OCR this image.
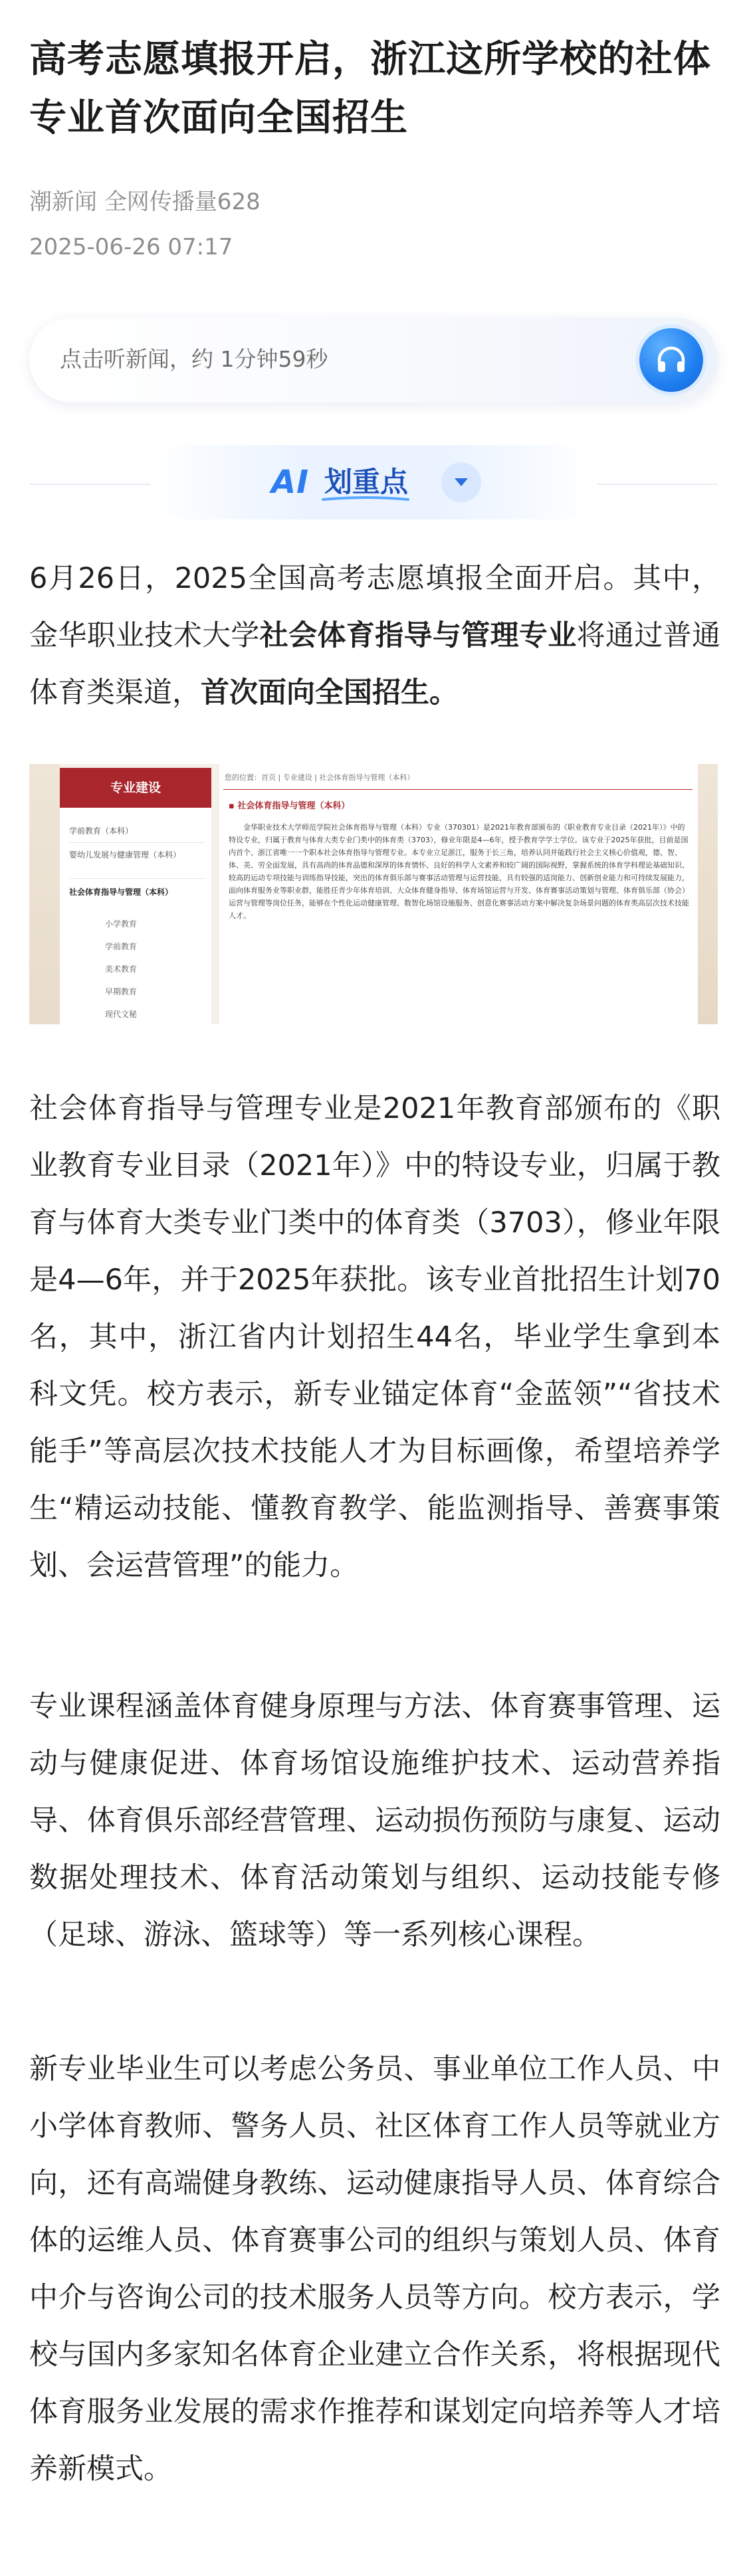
高考志愿填报开启，浙江这所学校的社体专业首次面向全国招生
潮新闻 全网传播量628
2025-06-26 07:17
点击听新闻，约 1分钟59秒
AI 划重点

6月26日，2025全国高考志愿填报全面开启。其中，金华职业技术大学社会体育指导与管理专业将通过普通体育类渠道，首次面向全国招生。

专业建设
学前教育（本科）
婴幼儿发展与健康管理（本科）
社会体育指导与管理（本科）
小学教育
学前教育
美术教育
早期教育
现代文秘
您的位置：首页 | 专业建设 | 社会体育指导与管理（本科）
▪ 社会体育指导与管理（本科）
金华职业技术大学师范学院社会体育指导与管理（本科）专业（370301）是2021年教育部颁布的《职业教育专业目录（2021年）》中的特设专业，归属于教育与体育大类专业门类中的体育类（3703），修业年限是4—6年，授予教育学学士学位。该专业于2025年获批，目前是国内首个、浙江省唯一一个职本社会体育指导与管理专业。本专业立足浙江，服务于长三角，培养认同并能践行社会主义核心价值观，德、智、体、美、劳全面发展，具有高尚的体育品德和深厚的体育情怀、良好的科学人文素养和较广阔的国际视野，掌握系统的体育学科理论基础知识、较高的运动专项技能与训练指导技能，突出的体育俱乐部与赛事活动管理与运营技能，具有较强的适岗能力、创新创业能力和可持续发展能力，面向体育服务业等职业群，能胜任青少年体育培训、大众体育健身指导、体育场馆运营与开发、体育赛事活动策划与管理、体育俱乐部（协会）运营与管理等岗位任务，能够在个性化运动健康管理、数智化场馆设施服务、创意化赛事活动方案中解决复杂场景问题的体育类高层次技术技能人才。

社会体育指导与管理专业是2021年教育部颁布的《职业教育专业目录（2021年）》中的特设专业，归属于教育与体育大类专业门类中的体育类（3703），修业年限是4—6年，并于2025年获批。该专业首批招生计划70名，其中，浙江省内计划招生44名，毕业学生拿到本科文凭。校方表示，新专业锚定体育“金蓝领”“省技术能手”等高层次技术技能人才为目标画像，希望培养学生“精运动技能、懂教育教学、能监测指导、善赛事策划、会运营管理”的能力。

专业课程涵盖体育健身原理与方法、体育赛事管理、运动与健康促进、体育场馆设施维护技术、运动营养指导、体育俱乐部经营管理、运动损伤预防与康复、运动数据处理技术、体育活动策划与组织、运动技能专修（足球、游泳、篮球等）等一系列核心课程。

新专业毕业生可以考虑公务员、事业单位工作人员、中小学体育教师、警务人员、社区体育工作人员等就业方向，还有高端健身教练、运动健康指导人员、体育综合体的运维人员、体育赛事公司的组织与策划人员、体育中介与咨询公司的技术服务人员等方向。校方表示，学校与国内多家知名体育企业建立合作关系，将根据现代体育服务业发展的需求作推荐和谋划定向培养等人才培养新模式。
